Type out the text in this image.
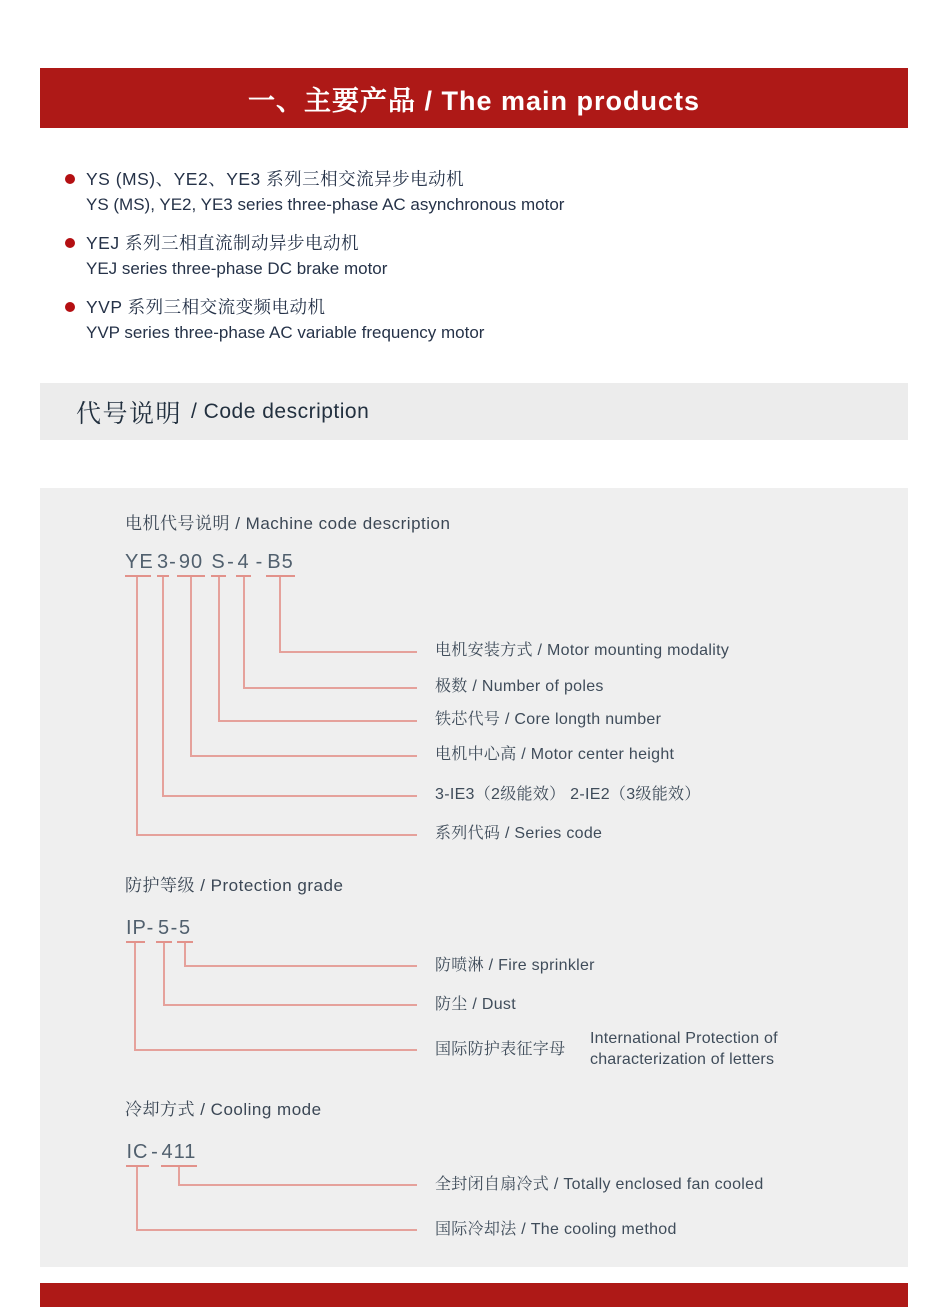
一、主要产品 / The main products
YS (MS)、YE2、YE3 系列三相交流异步电动机
YS (MS), YE2, YE3 series three-phase AC asynchronous motor
YEJ 系列三相直流制动异步电动机
YEJ series three-phase DC brake motor
YVP 系列三相交流变频电动机
YVP series three-phase AC variable frequency motor
代号说明 / Code description
电机代号说明 / Machine code description
YE 3 - 90 S - 4 - B5
电机安装方式 / Motor mounting modality
极数 / Number of poles
铁芯代号 / Core longth number
电机中心高 / Motor center height
3-IE3（2级能效） 2-IE2（3级能效）
系列代码 / Series code
防护等级 / Protection grade
IP - 5 - 5
防喷淋 / Fire sprinkler
防尘 / Dust
国际防护表征字母
International Protection of
characterization of letters
冷却方式 / Cooling mode
IC - 411
全封闭自扇冷式 / Totally enclosed fan cooled
国际冷却法 / The cooling method
